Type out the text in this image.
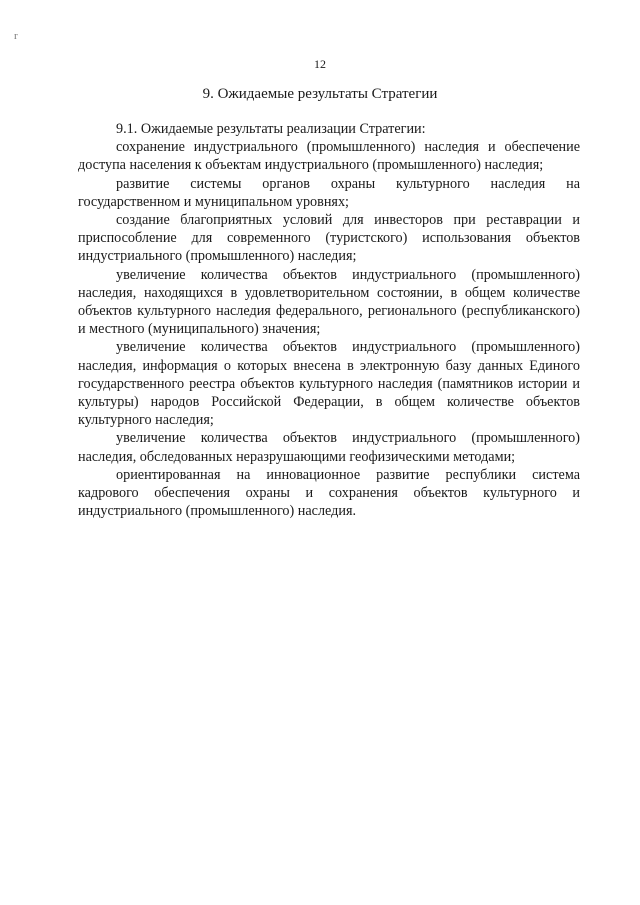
r
12
9. Ожидаемые результаты Стратегии

9.1. Ожидаемые результаты реализации Стратегии:

сохранение индустриального (промышленного) наследия и обеспечение доступа населения к объектам индустриального (промышленного) наследия;

развитие системы органов охраны культурного наследия на государственном и муниципальном уровнях;

создание благоприятных условий для инвесторов при реставрации и приспособление для современного (туристского) использования объектов индустриального (промышленного) наследия;

увеличение количества объектов индустриального (промышленного) наследия, находящихся в удовлетворительном состоянии, в общем количестве объектов культурного наследия федерального, регионального (республиканского) и местного (муниципального) значения;

увеличение количества объектов индустриального (промышленного) наследия, информация о которых внесена в электронную базу данных Единого государственного реестра объектов культурного наследия (памятников истории и культуры) народов Российской Федерации, в общем количестве объектов культурного наследия;

увеличение количества объектов индустриального (промышленного) наследия, обследованных неразрушающими геофизическими методами;

ориентированная на инновационное развитие республики система кадрового обеспечения охраны и сохранения объектов культурного и индустриального (промышленного) наследия.
